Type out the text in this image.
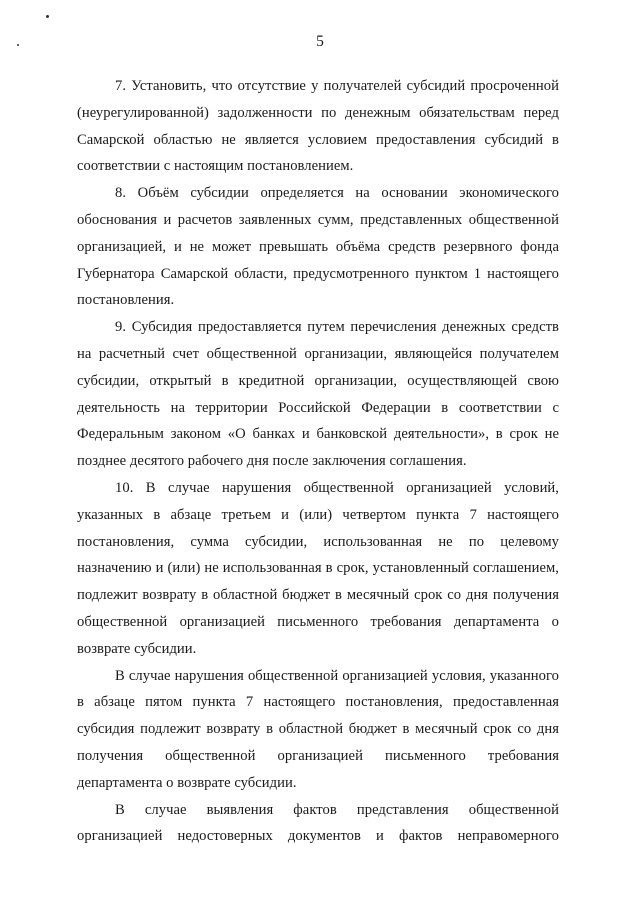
5

7. Установить, что отсутствие у получателей субсидий просроченной (неурегулированной) задолженности по денежным обязательствам перед Самарской областью не является условием предоставления субсидий в соответствии с настоящим постановлением.

8. Объём субсидии определяется на основании экономического обоснования и расчетов заявленных сумм, представленных общественной организацией, и не может превышать объёма средств резервного фонда Губернатора Самарской области, предусмотренного пунктом 1 настоящего постановления.

9. Субсидия предоставляется путем перечисления денежных средств на расчетный счет общественной организации, являющейся получателем субсидии, открытый в кредитной организации, осуществляющей свою деятельность на территории Российской Федерации в соответствии с Федеральным законом «О банках и банковской деятельности», в срок не позднее десятого рабочего дня после заключения соглашения.

10. В случае нарушения общественной организацией условий, указанных в абзаце третьем и (или) четвертом пункта 7 настоящего постановления, сумма субсидии, использованная не по целевому назначению и (или) не использованная в срок, установленный соглашением, подлежит возврату в областной бюджет в месячный срок со дня получения общественной организацией письменного требования департамента о возврате субсидии.

В случае нарушения общественной организацией условия, указанного в абзаце пятом пункта 7 настоящего постановления, предоставленная субсидия подлежит возврату в областной бюджет в месячный срок со дня получения общественной организацией письменного требования департамента о возврате субсидии.

В случае выявления фактов представления общественной организацией недостоверных документов и фактов неправомерного
